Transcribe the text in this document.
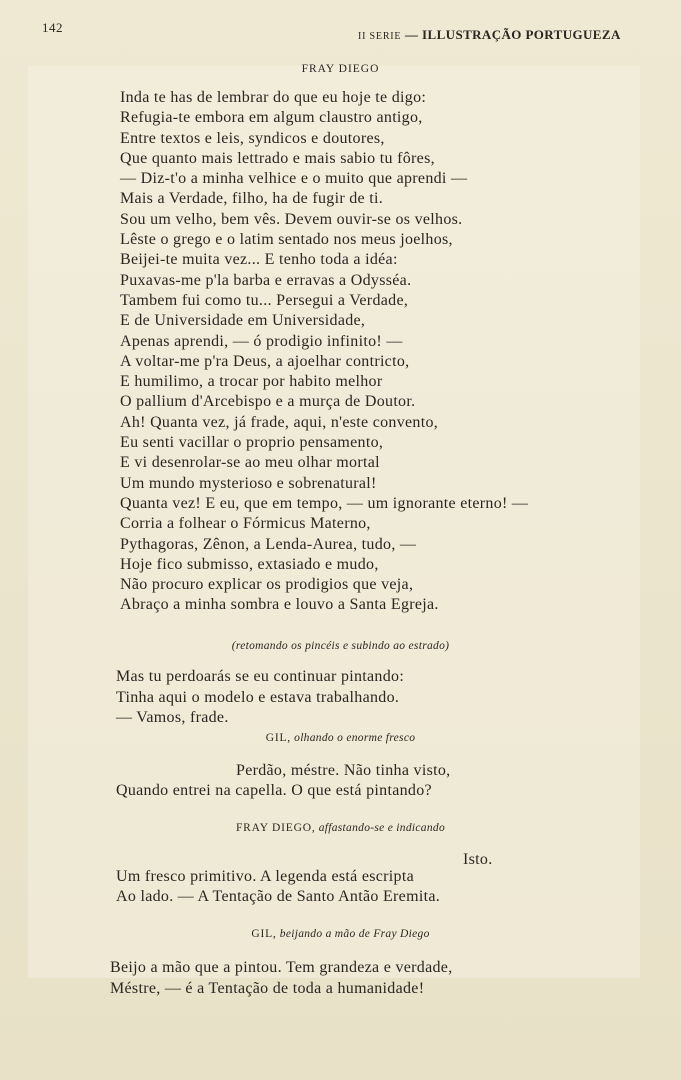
142
II SERIE — ILLUSTRAÇÃO PORTUGUEZA
FRAY DIEGO
Inda te has de lembrar do que eu hoje te digo:
Refugia-te embora em algum claustro antigo,
Entre textos e leis, syndicos e doutores,
Que quanto mais lettrado e mais sabio tu fôres,
— Diz-t'o a minha velhice e o muito que aprendi —
Mais a Verdade, filho, ha de fugir de ti.
Sou um velho, bem vês. Devem ouvir-se os velhos.
Lêste o grego e o latim sentado nos meus joelhos,
Beijei-te muita vez... E tenho toda a idéa:
Puxavas-me p'la barba e erravas a Odysséa.
Tambem fui como tu... Persegui a Verdade,
E de Universidade em Universidade,
Apenas aprendi, — ó prodigio infinito! —
A voltar-me p'ra Deus, a ajoelhar contricto,
E humilimo, a trocar por habito melhor
O pallium d'Arcebispo e a murça de Doutor.
Ah! Quanta vez, já frade, aqui, n'este convento,
Eu senti vacillar o proprio pensamento,
E vi desenrolar-se ao meu olhar mortal
Um mundo mysterioso e sobrenatural!
Quanta vez! E eu, que em tempo, — um ignorante eterno! —
Corria a folhear o Fórmicus Materno,
Pythagoras, Zênon, a Lenda-Aurea, tudo, —
Hoje fico submisso, extasiado e mudo,
Não procuro explicar os prodigios que veja,
Abraço a minha sombra e louvo a Santa Egreja.
(retomando os pincéis e subindo ao estrado)
Mas tu perdoarás se eu continuar pintando:
Tinha aqui o modelo e estava trabalhando.
— Vamos, frade.
GIL, olhando o enorme fresco
Perdão, méstre. Não tinha visto,
Quando entrei na capella. O que está pintando?
FRAY DIEGO, affastando-se e indicando
Isto.
Um fresco primitivo. A legenda está escripta
Ao lado. — A Tentação de Santo Antão Eremita.
GIL, beijando a mão de Fray Diego
Beijo a mão que a pintou. Tem grandeza e verdade,
Méstre, — é a Tentação de toda a humanidade!
